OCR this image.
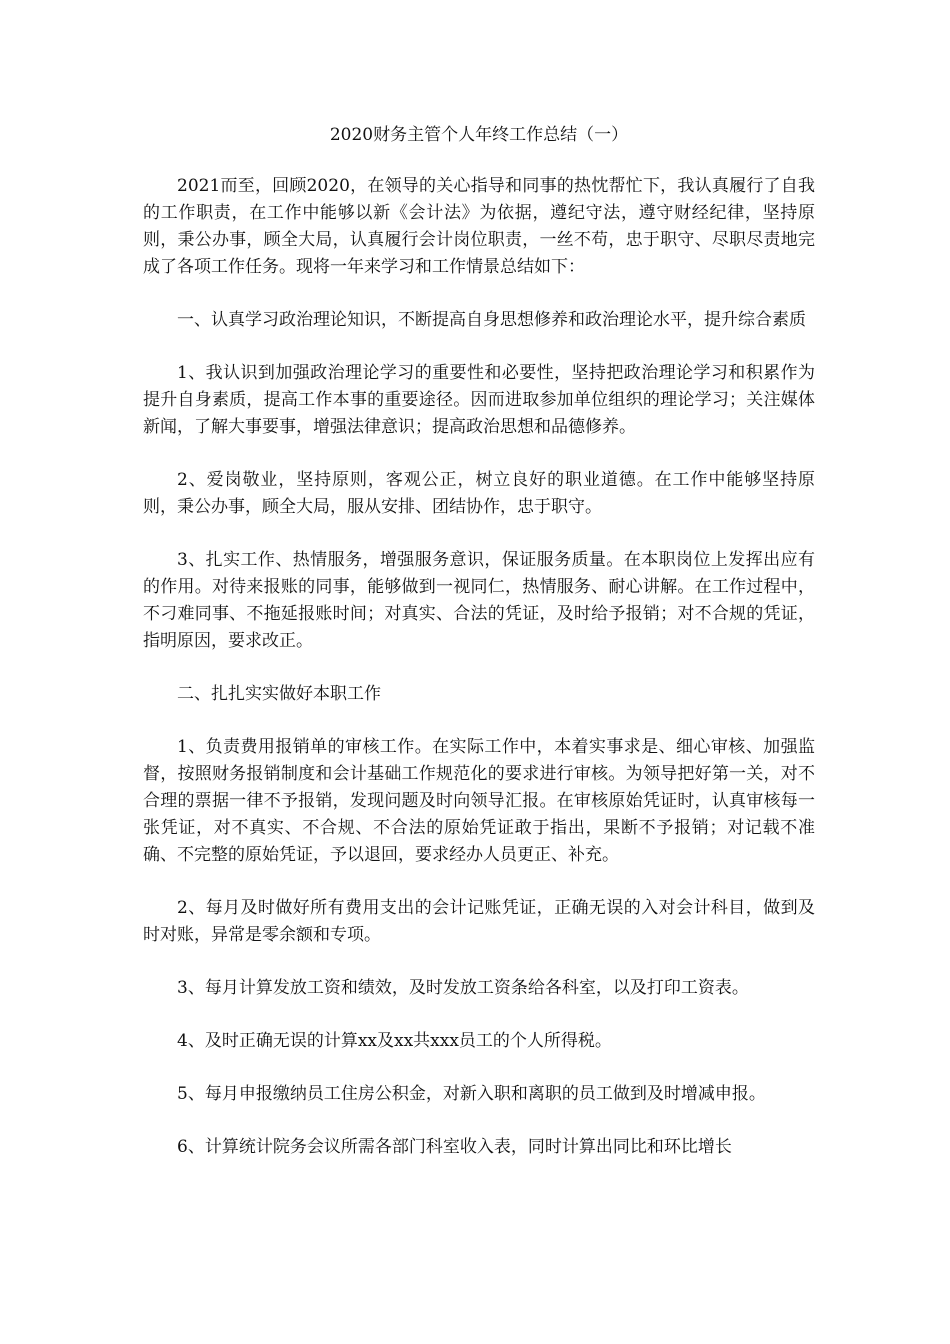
2020财务主管个人年终工作总结（一）

2021而至，回顾2020，在领导的关心指导和同事的热忱帮忙下，我认真履行了自我的工作职责，在工作中能够以新《会计法》为依据，遵纪守法，遵守财经纪律，坚持原则，秉公办事，顾全大局，认真履行会计岗位职责，一丝不苟，忠于职守、尽职尽责地完成了各项工作任务。现将一年来学习和工作情景总结如下：

一、认真学习政治理论知识，不断提高自身思想修养和政治理论水平，提升综合素质

1、我认识到加强政治理论学习的重要性和必要性，坚持把政治理论学习和积累作为提升自身素质，提高工作本事的重要途径。因而进取参加单位组织的理论学习；关注媒体新闻，了解大事要事，增强法律意识；提高政治思想和品德修养。

2、爱岗敬业，坚持原则，客观公正，树立良好的职业道德。在工作中能够坚持原则，秉公办事，顾全大局，服从安排、团结协作，忠于职守。

3、扎实工作、热情服务，增强服务意识，保证服务质量。在本职岗位上发挥出应有的作用。对待来报账的同事，能够做到一视同仁，热情服务、耐心讲解。在工作过程中，不刁难同事、不拖延报账时间；对真实、合法的凭证，及时给予报销；对不合规的凭证，指明原因，要求改正。

二、扎扎实实做好本职工作

1、负责费用报销单的审核工作。在实际工作中，本着实事求是、细心审核、加强监督，按照财务报销制度和会计基础工作规范化的要求进行审核。为领导把好第一关，对不合理的票据一律不予报销，发现问题及时向领导汇报。在审核原始凭证时，认真审核每一张凭证，对不真实、不合规、不合法的原始凭证敢于指出，果断不予报销；对记载不准确、不完整的原始凭证，予以退回，要求经办人员更正、补充。

2、每月及时做好所有费用支出的会计记账凭证，正确无误的入对会计科目，做到及时对账，异常是零余额和专项。

3、每月计算发放工资和绩效，及时发放工资条给各科室，以及打印工资表。

4、及时正确无误的计算xx及xx共xxx员工的个人所得税。

5、每月申报缴纳员工住房公积金，对新入职和离职的员工做到及时增减申报。

6、计算统计院务会议所需各部门科室收入表，同时计算出同比和环比增长
